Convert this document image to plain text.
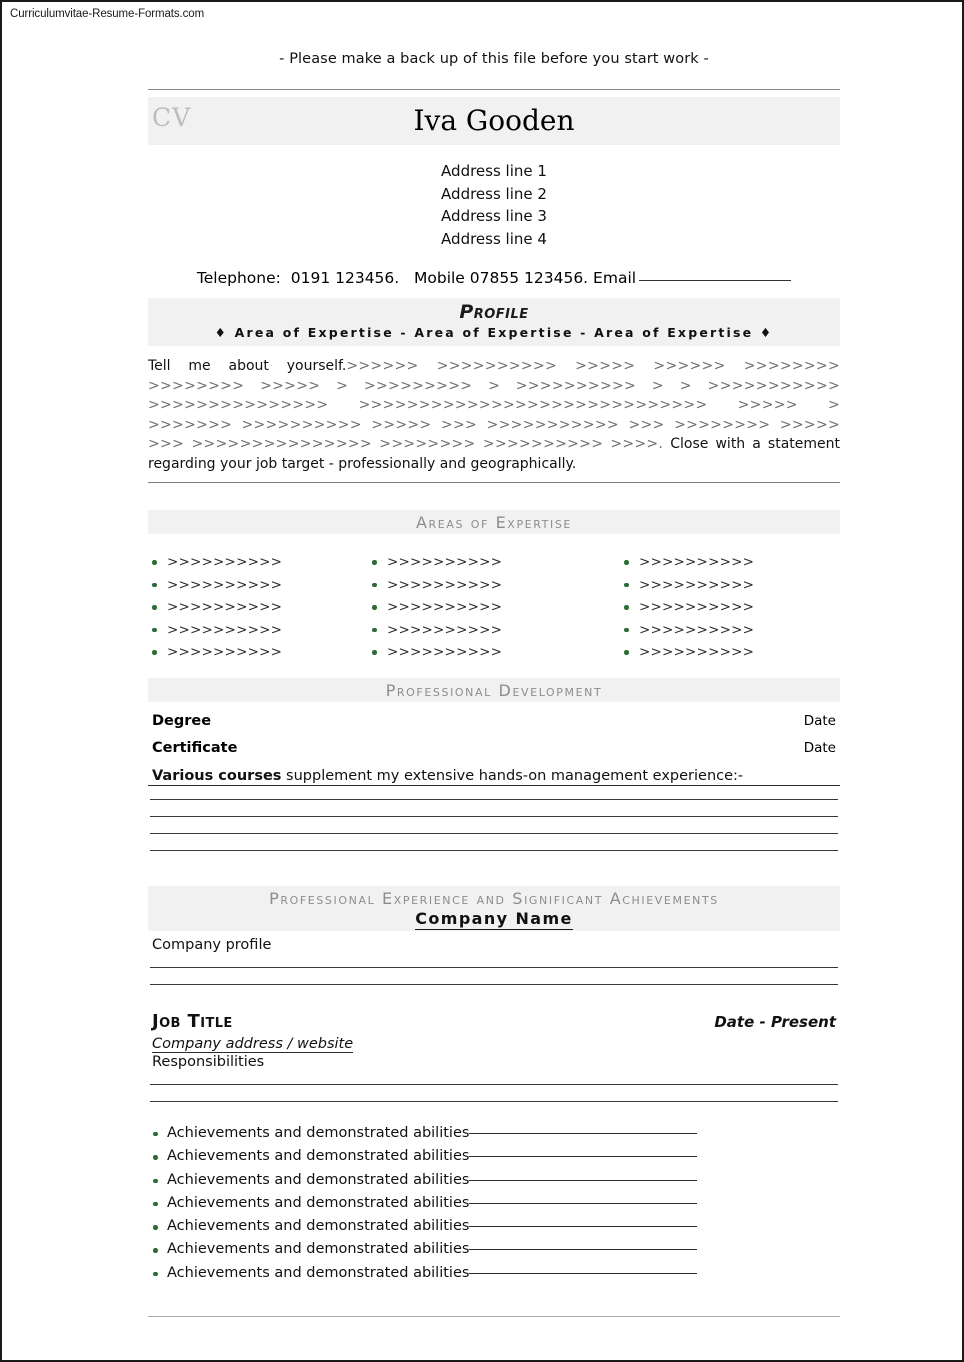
Curriculumvitae-Resume-Formats.com
- Please make a back up of this file before you start work -
CV	Iva Gooden
Address line 1
Address line 2
Address line 3
Address line 4
Telephone: 0191 123456. Mobile 07855 123456. Email
Profile
♦ Area of Expertise - Area of Expertise - Area of Expertise ♦
Tell me about yourself.>>>>>> >>>>>>>>>> >>>>> >>>>>> >>>>>>>> >>>>>>>> >>>>> > >>>>>>>>> > >>>>>>>>>> > > >>>>>>>>>>> >>>>>>>>>>>>>>> >>>>>>>>>>>>>>>>>>>>>>>>>>>>> >>>>> > >>>>>>> >>>>>>>>>> >>>>> >>> >>>>>>>>>>> >>> >>>>>>>> >>>>> >>> >>>>>>>>>>>>>>> >>>>>>>> >>>>>>>>>> >>>>. Close with a statement regarding your job target - professionally and geographically.
Areas of Expertise
>>>>>>>>>>
>>>>>>>>>>
>>>>>>>>>>
>>>>>>>>>>
>>>>>>>>>>
>>>>>>>>>>
>>>>>>>>>>
>>>>>>>>>>
>>>>>>>>>>
>>>>>>>>>>
>>>>>>>>>>
>>>>>>>>>>
>>>>>>>>>>
>>>>>>>>>>
>>>>>>>>>>
Professional Development
Degree	Date
Certificate	Date
Various courses supplement my extensive hands-on management experience:-
Professional Experience and Significant Achievements
Company Name
Company profile
Job Title	Date - Present
Company address / website
Responsibilities
Achievements and demonstrated abilities
Achievements and demonstrated abilities
Achievements and demonstrated abilities
Achievements and demonstrated abilities
Achievements and demonstrated abilities
Achievements and demonstrated abilities
Achievements and demonstrated abilities
